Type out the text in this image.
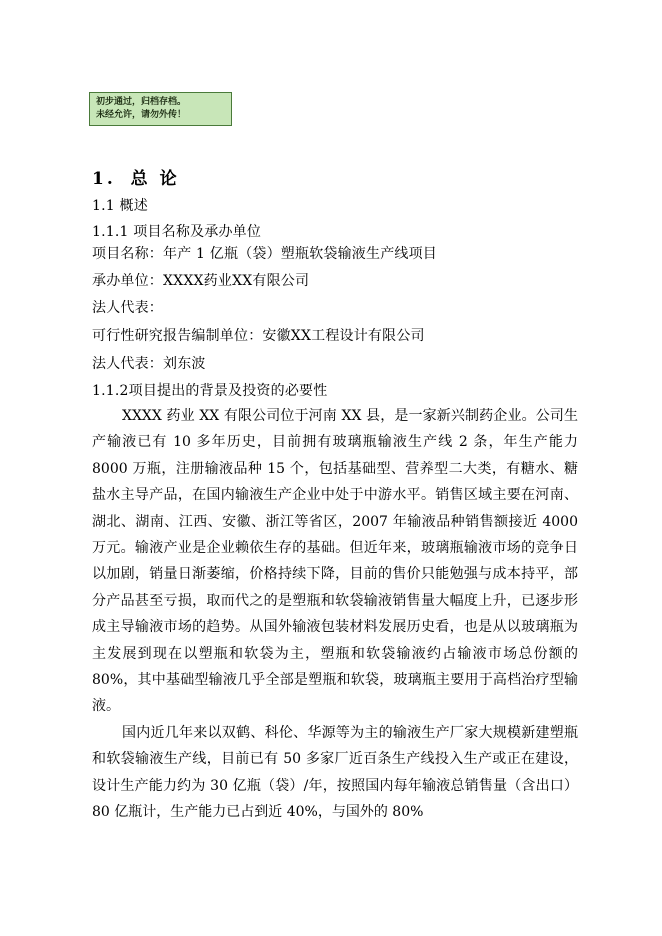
初步通过，归档存档。
未经允许，请勿外传！
1. 总 论
1.1 概述
1.1.1 项目名称及承办单位
项目名称：年产 1 亿瓶（袋）塑瓶软袋输液生产线项目
承办单位：XXXX药业XX有限公司
法人代表：
可行性研究报告编制单位：安徽XX工程设计有限公司
法人代表：刘东波
1.1.2项目提出的背景及投资的必要性

XXXX 药业 XX 有限公司位于河南 XX 县，是一家新兴制药企业。公司生产输液已有 10 多年历史，目前拥有玻璃瓶输液生产线 2 条，年生产能力 8000 万瓶，注册输液品种 15 个，包括基础型、营养型二大类，有糖水、糖盐水主导产品，在国内输液生产企业中处于中游水平。销售区域主要在河南、湖北、湖南、江西、安徽、浙江等省区，2007 年输液品种销售额接近 4000万元。输液产业是企业赖依生存的基础。但近年来，玻璃瓶输液市场的竞争日以加剧，销量日渐萎缩，价格持续下降，目前的售价只能勉强与成本持平，部分产品甚至亏损，取而代之的是塑瓶和软袋输液销售量大幅度上升，已逐步形成主导输液市场的趋势。从国外输液包装材料发展历史看，也是从以玻璃瓶为主发展到现在以塑瓶和软袋为主，塑瓶和软袋输液约占输液市场总份额的 80%，其中基础型输液几乎全部是塑瓶和软袋，玻璃瓶主要用于高档治疗型输液。

国内近几年来以双鹤、科伦、华源等为主的输液生产厂家大规模新建塑瓶和软袋输液生产线，目前已有 50 多家厂近百条生产线投入生产或正在建设，设计生产能力约为 30 亿瓶（袋）/年，按照国内每年输液总销售量（含出口）80 亿瓶计，生产能力已占到近 40%，与国外的 80%
